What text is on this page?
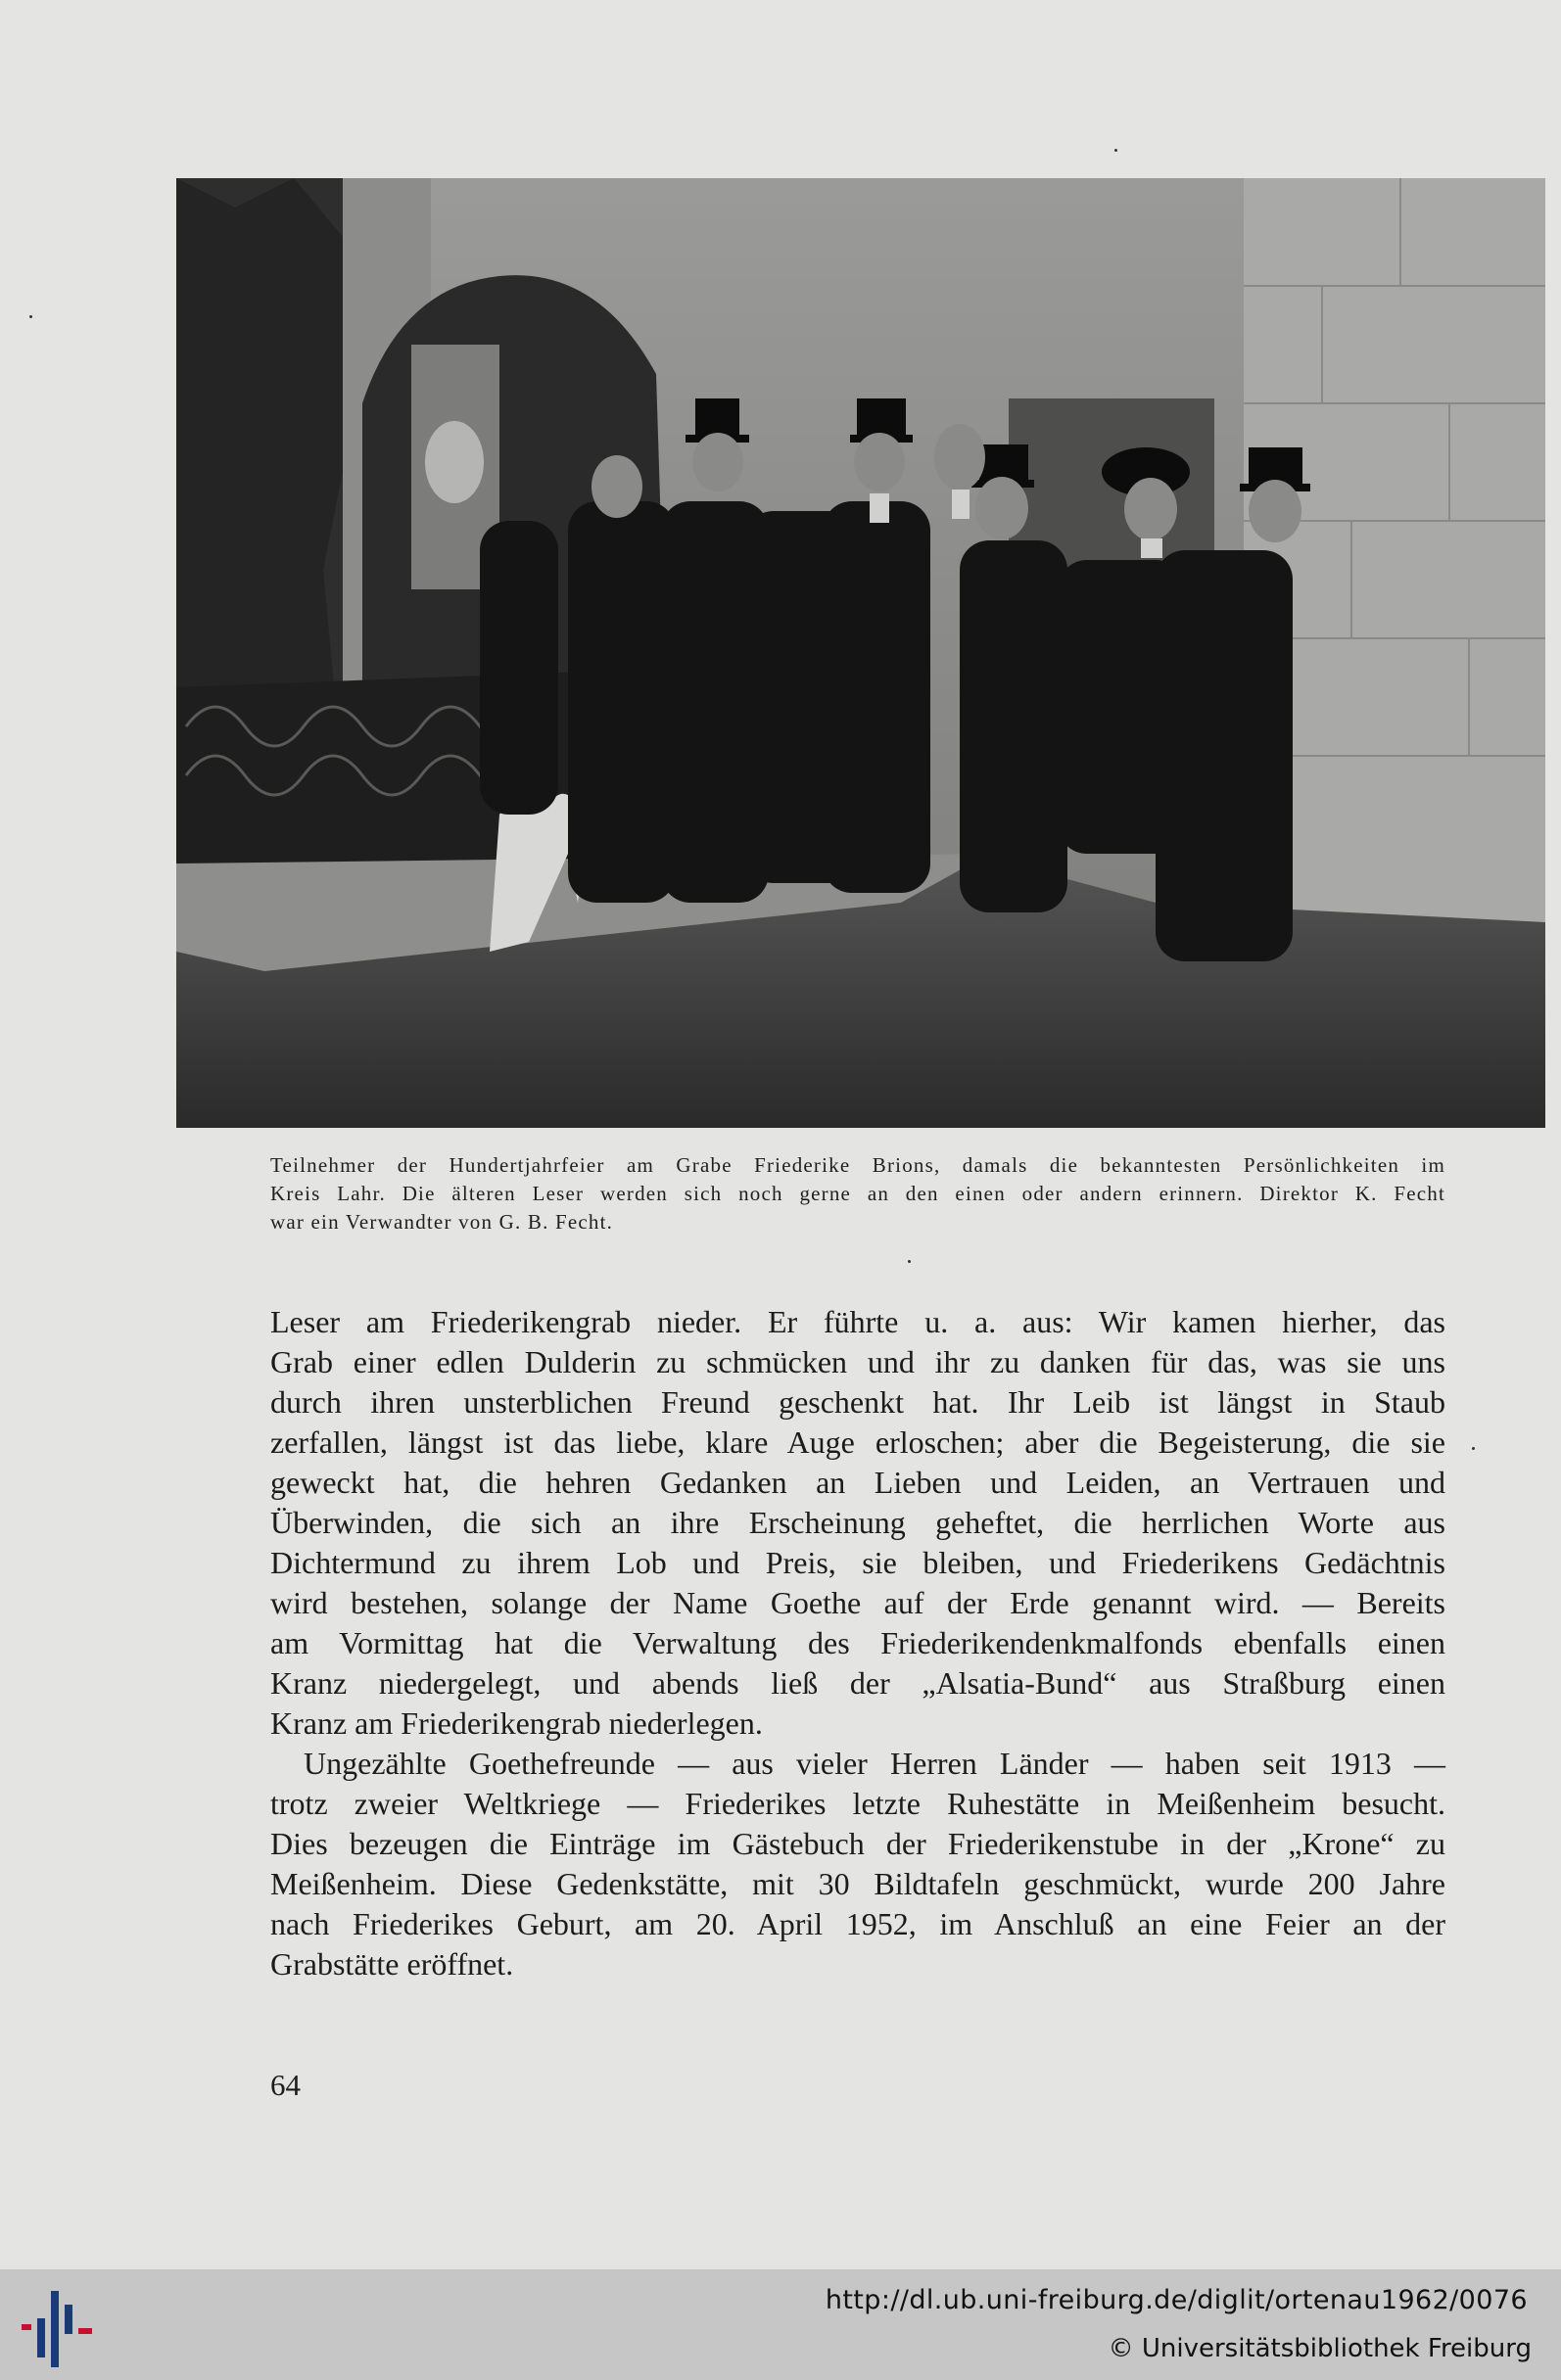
Teilnehmer der Hundertjahrfeier am Grabe Friederike Brions, damals die bekanntesten Persönlichkeiten im

Kreis Lahr. Die älteren Leser werden sich noch gerne an den einen oder andern erinnern. Direktor K. Fecht

war ein Verwandter von G. B. Fecht.

Leser am Friederikengrab nieder. Er führte u. a. aus: Wir kamen hierher, das

Grab einer edlen Dulderin zu schmücken und ihr zu danken für das, was sie uns

durch ihren unsterblichen Freund geschenkt hat. Ihr Leib ist längst in Staub

zerfallen, längst ist das liebe, klare Auge erloschen; aber die Begeisterung, die sie

geweckt hat, die hehren Gedanken an Lieben und Leiden, an Vertrauen und

Überwinden, die sich an ihre Erscheinung geheftet, die herrlichen Worte aus

Dichtermund zu ihrem Lob und Preis, sie bleiben, und Friederikens Gedächtnis

wird bestehen, solange der Name Goethe auf der Erde genannt wird. — Bereits

am Vormittag hat die Verwaltung des Friederikendenkmalfonds ebenfalls einen

Kranz niedergelegt, und abends ließ der „Alsatia-Bund“ aus Straßburg einen

Kranz am Friederikengrab niederlegen.

Ungezählte Goethefreunde — aus vieler Herren Länder — haben seit 1913 —

trotz zweier Weltkriege — Friederikes letzte Ruhestätte in Meißenheim besucht.

Dies bezeugen die Einträge im Gästebuch der Friederikenstube in der „Krone“ zu

Meißenheim. Diese Gedenkstätte, mit 30 Bildtafeln geschmückt, wurde 200 Jahre

nach Friederikes Geburt, am 20. April 1952, im Anschluß an eine Feier an der

Grabstätte eröffnet.

64
http://dl.ub.uni-freiburg.de/diglit/ortenau1962/0076
© Universitätsbibliothek Freiburg
